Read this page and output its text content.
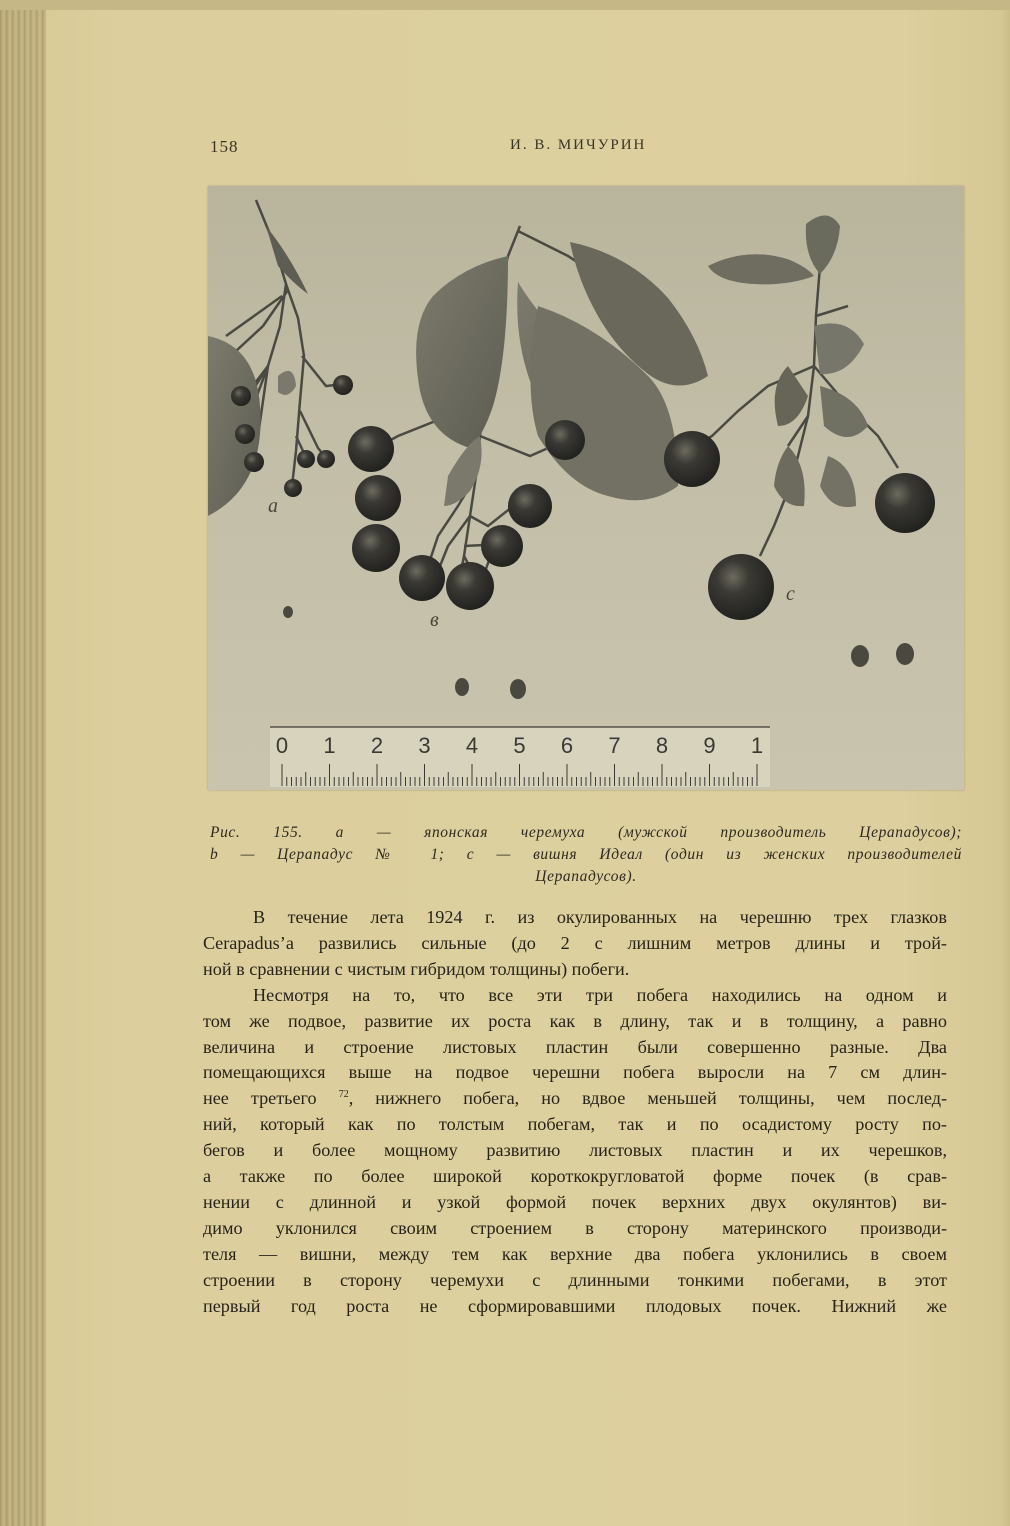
158	И. В. МИЧУРИН
a
в
c
0 1 2 3 4 5 6 7 8 9 1
Рис. 155. a — японская черемуха (мужской производитель Церападусов);
b — Церападус № 1; c — вишня Идеал (один из женских производителей
Церападусов).

В течение лета 1924 г. из окулированных на черешню трех глазков
Cerapadus’а развились сильные (до 2 с лишним метров длины и трой-
ной в сравнении с чистым гибридом толщины) побеги.

Несмотря на то, что все эти три побега находились на одном и
том же подвое, развитие их роста как в длину, так и в толщину, а равно
величина и строение листовых пластин были совершенно разные. Два
помещающихся выше на подвое черешни побега выросли на 7 см длин-
нее третьего $^{72}$, нижнего побега, но вдвое меньшей толщины, чем послед-
ний, который как по толстым побегам, так и по осадистому росту по-
бегов и более мощному развитию листовых пластин и их черешков,
а также по более широкой короткокругловатой форме почек (в срав-
нении с длинной и узкой формой почек верхних двух окулянтов) ви-
димо уклонился своим строением в сторону материнского производи-
теля — вишни, между тем как верхние два побега уклонились в своем
строении в сторону черемухи с длинными тонкими побегами, в этот
первый год роста не сформировавшими плодовых почек. Нижний же
